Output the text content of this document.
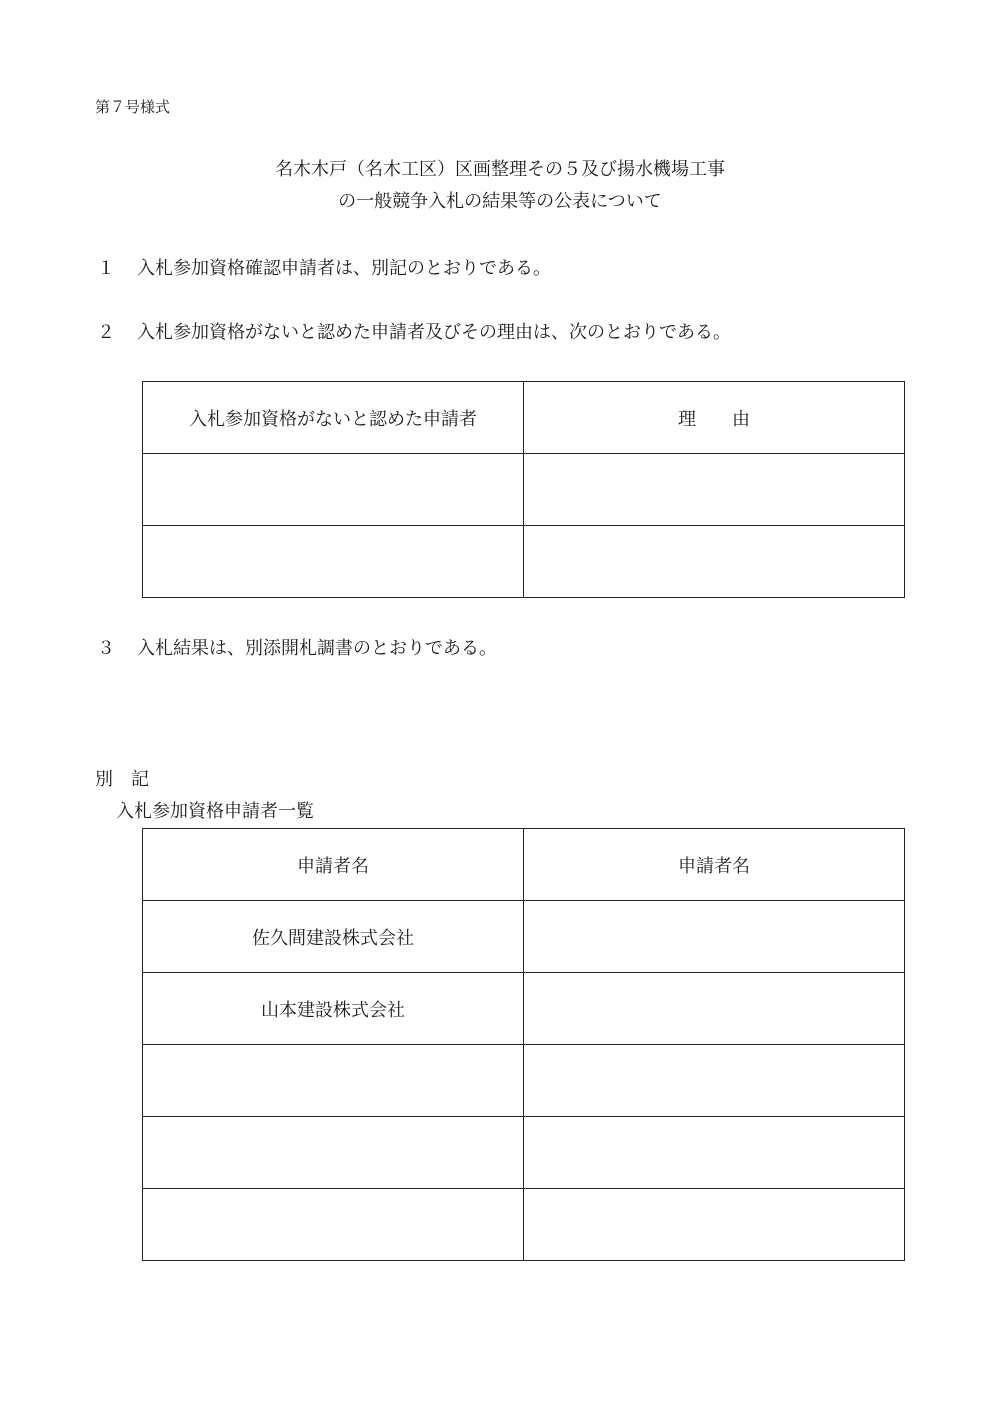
第７号様式
名木木戸（名木工区）区画整理その５及び揚水機場工事
の一般競争入札の結果等の公表について
１ 入札参加資格確認申請者は、別記のとおりである。
２ 入札参加資格がないと認めた申請者及びその理由は、次のとおりである。
入札参加資格がないと認めた申請者	理　　由

３ 入札結果は、別添開札調書のとおりである。
別　記
入札参加資格申請者一覧
申請者名	申請者名
佐久間建設株式会社	
山本建設株式会社	
